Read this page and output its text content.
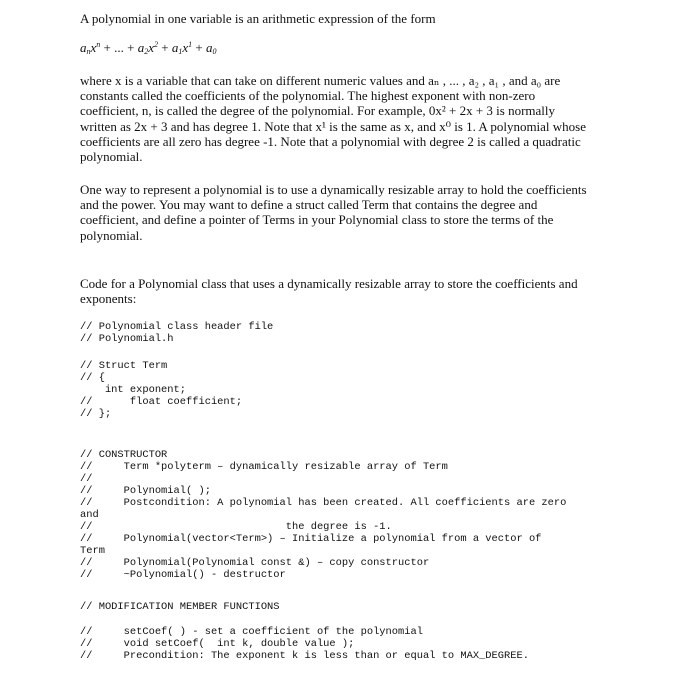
A polynomial in one variable is an arithmetic expression of the form
$a_nx^n$ + ... + $a_2x^2 + a_1x^1 + a_0$
where x is a variable that can take on different numeric values and aₙ , ... , a₂ , a₁ , and a₀ are
constants called the coefficients of the polynomial. The highest exponent with non-zero
coefficient, n, is called the degree of the polynomial. For example, 0x² + 2x + 3 is normally
written as 2x + 3 and has degree 1. Note that x¹ is the same as x, and x⁰ is 1. A polynomial whose
coefficients are all zero has degree -1. Note that a polynomial with degree 2 is called a quadratic
polynomial.
One way to represent a polynomial is to use a dynamically resizable array to hold the coefficients
and the power. You may want to define a struct called Term that contains the degree and
coefficient, and define a pointer of Terms in your Polynomial class to store the terms of the
polynomial.
Code for a Polynomial class that uses a dynamically resizable array to store the coefficients and
exponents:
// Polynomial class header file
// Polynomial.h
// Struct Term
// {
int exponent;
//      float coefficient;
// };
// CONSTRUCTOR
//     Term *polyterm – dynamically resizable array of Term
//
//     Polynomial( );
//     Postcondition: A polynomial has been created. All coefficients are zero
and
//                               the degree is -1.
//     Polynomial(vector<Term>) – Initialize a polynomial from a vector of
Term
//     Polynomial(Polynomial const &) – copy constructor
//     ~Polynomial() - destructor
// MODIFICATION MEMBER FUNCTIONS
//     setCoef( ) - set a coefficient of the polynomial
//     void setCoef(  int k, double value );
//     Precondition: The exponent k is less than or equal to MAX_DEGREE.
